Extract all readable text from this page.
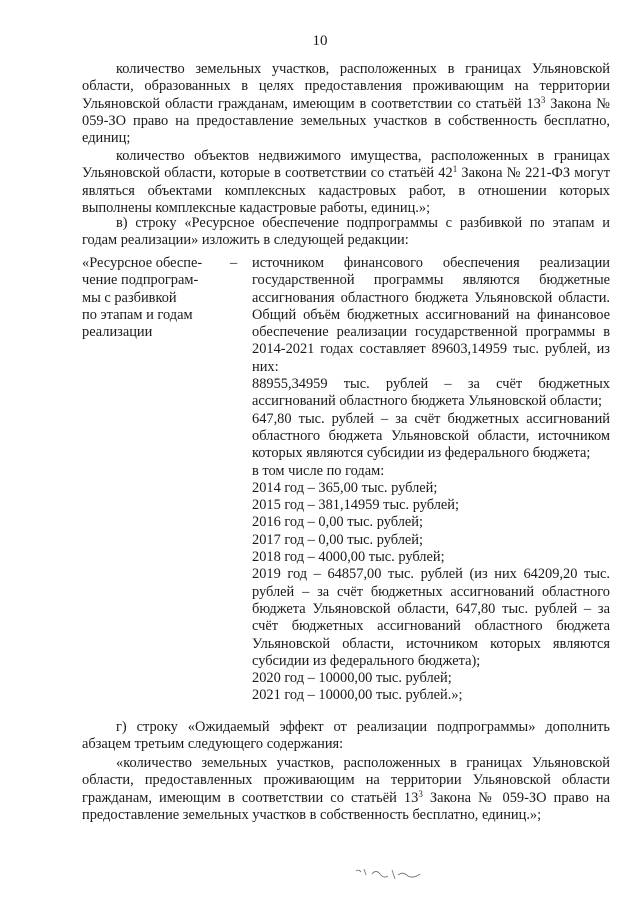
10

количество земельных участков, расположенных в границах Ульяновской области, образованных в целях предоставления проживающим на территории Ульяновской области гражданам, имеющим в соответствии со статьёй $13^3$ Закона № 059-ЗО право на предоставление земельных участков в собственность бесплатно, единиц;

количество объектов недвижимого имущества, расположенных в границах Ульяновской области, которые в соответствии со статьёй $42^1$ Закона № 221-ФЗ могут являться объектами комплексных кадастровых работ, в отношении которых выполнены комплексные кадастровые работы, единиц.»;

в) строку «Ресурсное обеспечение подпрограммы с разбивкой по этапам и годам реализации» изложить в следующей редакции:

«Ресурсное обеспе-
чение подпрограм-
мы с разбивкой
по этапам и годам
реализации
–	источником финансового обеспечения реализации государственной программы являются бюджетные ассигнования областного бюджета Ульяновской области. Общий объём бюджетных ассигнований на финансовое обеспечение реализации государственной программы в 2014-2021 годах составляет 89603,14959 тыс. рублей, из них:

88955,34959 тыс. рублей – за счёт бюджетных ассигнований областного бюджета Ульяновской области;

647,80 тыс. рублей – за счёт бюджетных ассигнований областного бюджета Ульяновской области, источником которых являются субсидии из федерального бюджета;

в том числе по годам:

2014 год – 365,00 тыс. рублей;

2015 год – 381,14959 тыс. рублей;

2016 год – 0,00 тыс. рублей;

2017 год – 0,00 тыс. рублей;

2018 год – 4000,00 тыс. рублей;

2019 год – 64857,00 тыс. рублей (из них 64209,20 тыс. рублей – за счёт бюджетных ассигнований областного бюджета Ульяновской области, 647,80 тыс. рублей – за счёт бюджетных ассигнований областного бюджета Ульяновской области, источником которых являются субсидии из федерального бюджета);

2020 год – 10000,00 тыс. рублей;

2021 год – 10000,00 тыс. рублей.»;

г) строку «Ожидаемый эффект от реализации подпрограммы» дополнить абзацем третьим следующего содержания:

«количество земельных участков, расположенных в границах Ульяновской области, предоставленных проживающим на территории Ульяновской области гражданам, имеющим в соответствии со статьёй $13^3$ Закона № 059-ЗО право на предоставление земельных участков в собственность бесплатно, единиц.»;
